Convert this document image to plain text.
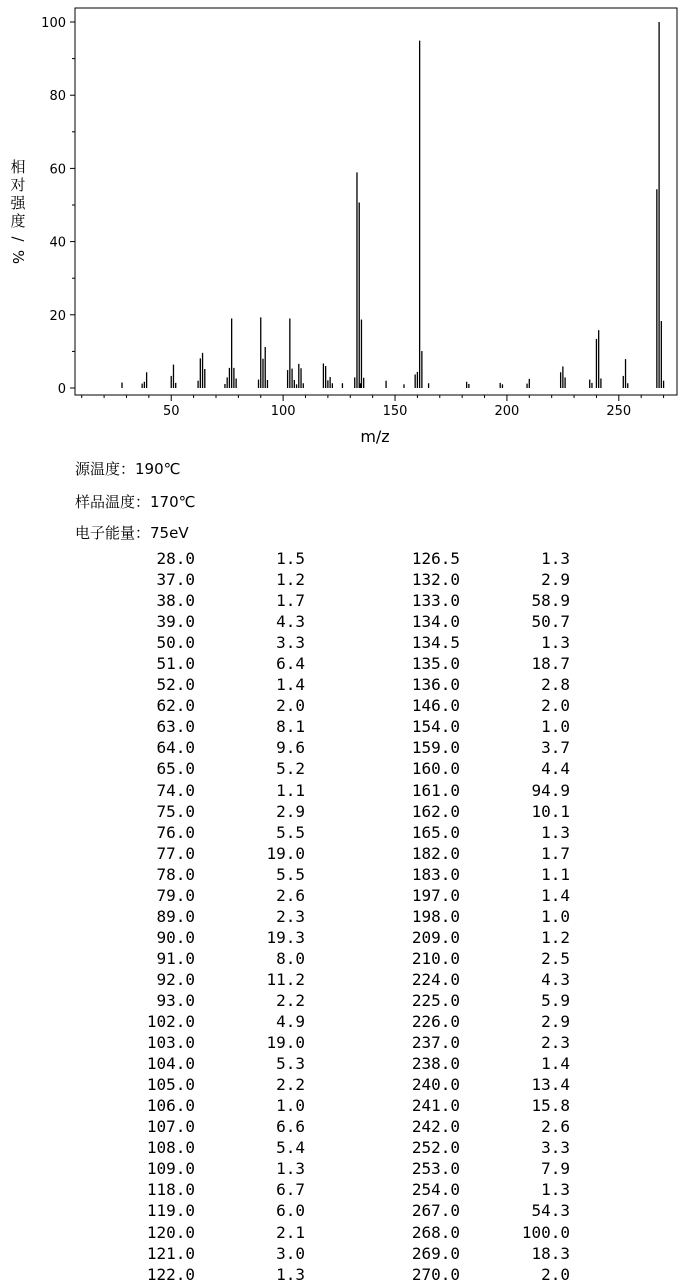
0
20
40
60
80
100
50	100	150	200	250
m/z
相
对
强
度
/
%
源温度：190℃
样品温度：170℃
电子能量：75eV
28.0	1.5
37.0	1.2
38.0	1.7
39.0	4.3
50.0	3.3
51.0	6.4
52.0	1.4
62.0	2.0
63.0	8.1
64.0	9.6
65.0	5.2
74.0	1.1
75.0	2.9
76.0	5.5
77.0	19.0
78.0	5.5
79.0	2.6
89.0	2.3
90.0	19.3
91.0	8.0
92.0	11.2
93.0	2.2
102.0	4.9
103.0	19.0
104.0	5.3
105.0	2.2
106.0	1.0
107.0	6.6
108.0	5.4
109.0	1.3
118.0	6.7
119.0	6.0
120.0	2.1
121.0	3.0
122.0	1.3
126.5	1.3
132.0	2.9
133.0	58.9
134.0	50.7
134.5	1.3
135.0	18.7
136.0	2.8
146.0	2.0
154.0	1.0
159.0	3.7
160.0	4.4
161.0	94.9
162.0	10.1
165.0	1.3
182.0	1.7
183.0	1.1
197.0	1.4
198.0	1.0
209.0	1.2
210.0	2.5
224.0	4.3
225.0	5.9
226.0	2.9
237.0	2.3
238.0	1.4
240.0	13.4
241.0	15.8
242.0	2.6
252.0	3.3
253.0	7.9
254.0	1.3
267.0	54.3
268.0	100.0
269.0	18.3
270.0	2.0
